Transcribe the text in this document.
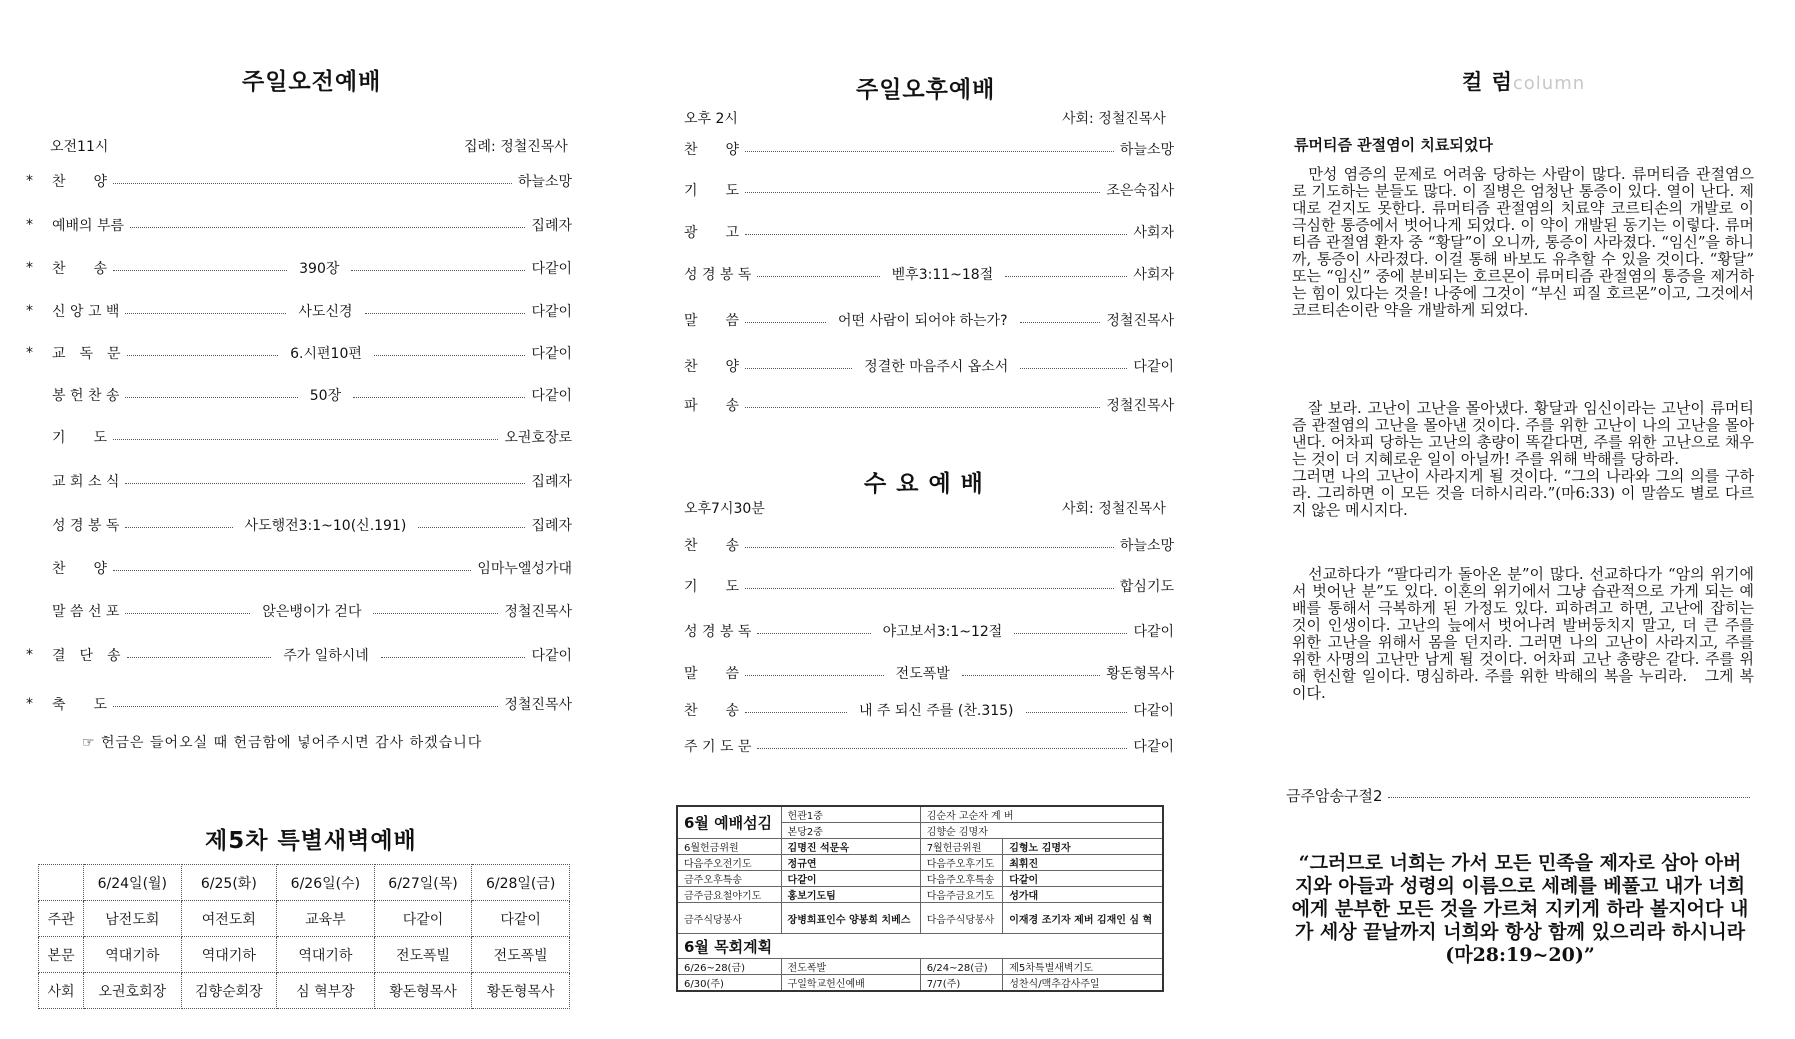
주일오전예배
오전11시	집례: 정철진목사
*	찬　　양	하늘소망
*	예배의 부름	집례자
*	찬　　송	390장	다같이
*	신 앙 고 백	사도신경	다같이
*	교　독　문	6.시편10편	다같이
봉 헌 찬 송	50장	다같이
기　　도	오권호장로
교 회 소 식	집례자
성 경 봉 독	사도행전3:1~10(신.191)	집례자
찬　　양	임마누엘성가대
말 씀 선 포	앉은뱅이가 걷다	정철진목사
*	결　단　송	주가 일하시네	다같이
*	축　　도	정철진목사
☞ 헌금은 들어오실 때 헌금함에 넣어주시면 감사 하겠습니다
제5차 특별새벽예배
	6/24일(월)	6/25(화)	6/26일(수)	6/27일(목)	6/28일(금)
주관	남전도회	여전도회	교육부	다같이	다같이
본문	역대기하	역대기하	역대기하	전도폭빌	전도폭빌
사회	오권호회장	김향순회장	심 혁부장	황돈형목사	황돈형목사
주일오후예배
오후 2시	사회: 정철진목사
찬　　양	하늘소망
기　　도	조은숙집사
광　　고	사회자
성 경 봉 독	벧후3:11~18절	사회자
말　　씀	어떤 사람이 되어야 하는가?	정철진목사
찬　　양	정결한 마음주시 옵소서	다같이
파　　송	정철진목사
수 요 예 배
오후7시30분	사회: 정철진목사
찬　　송	하늘소망
기　　도	합심기도
성 경 봉 독	야고보서3:1~12절	다같이
말　　씀	전도폭발	황돈형목사
찬　　송	내 주 되신 주를 (찬.315)	다같이
주 기 도 문	다같이
6월 예배섬김	헌관1중	김순자 고순자 계 버	
	본당2중	김향순 김명자	
6월헌금위원	김명진 석문옥	7월헌금위원	김형노 김명자
다음주오전기도	정규연	다음주오후기도	최휘진
금주오후특송	다같이	다음주오후특송	다같이
금주금요철야기도	홍보기도팀	다음주금요기도	성가대
금주식당봉사	장병희표인수 양봉희 치베스	다음주식당봉사	이재경 조기자 제버 김재인 심 혁
6월 목회계획			
6/26~28(금)	전도폭발	6/24~28(금)	제5차특별새벽기도
6/30(주)	구일학교헌신예배	7/7(주)	성찬식/맥추감사주일
컬 럼column
류머티즘 관절염이 치료되었다
　만성 염증의 문제로 어려움 당하는 사람이 많다. 류머티즘 관절염으로 기도하는 분들도 많다. 이 질병은 엄청난 통증이 있다. 열이 난다. 제대로 걷지도 못한다. 류머티즘 관절염의 치료약 코르티손의 개발로 이 극심한 통증에서 벗어나게 되었다. 이 약이 개발된 동기는 이렇다. 류머티즘 관절염 환자 중 “황달”이 오니까, 통증이 사라졌다. “임신”을 하니까, 통증이 사라졌다. 이걸 통해 바보도 유추할 수 있을 것이다. “황달” 또는 “임신” 중에 분비되는 호르몬이 류머티즘 관절염의 통증을 제거하는 힘이 있다는 것을! 나중에 그것이 “부신 피질 호르몬”이고, 그것에서 코르티손이란 약을 개발하게 되었다.
　잘 보라. 고난이 고난을 몰아냈다. 황달과 임신이라는 고난이 류머티즘 관절염의 고난을 몰아낸 것이다. 주를 위한 고난이 나의 고난을 몰아낸다. 어차피 당하는 고난의 총량이 똑같다면, 주를 위한 고난으로 채우는 것이 더 지혜로운 일이 아닐까! 주를 위해 박해를 당하라.
그러면 나의 고난이 사라지게 될 것이다. “그의 나라와 그의 의를 구하라. 그리하면 이 모든 것을 더하시리라.”(마6:33) 이 말씀도 별로 다르지 않은 메시지다.
　선교하다가 “팔다리가 돌아온 분”이 많다. 선교하다가 “암의 위기에서 벗어난 분”도 있다. 이혼의 위기에서 그냥 습관적으로 가게 되는 예배를 통해서 극복하게 된 가정도 있다. 피하려고 하면, 고난에 잡히는 것이 인생이다. 고난의 늪에서 벗어나려 발버둥치지 말고, 더 큰 주를 위한 고난을 위해서 몸을 던지라. 그러면 나의 고난이 사라지고, 주를 위한 사명의 고난만 남게 될 것이다. 어차피 고난 총량은 같다. 주를 위해 헌신할 일이다. 명심하라. 주를 위한 박해의 복을 누리라.　그게 복이다.
금주암송구절2
“그러므로 너희는 가서 모든 민족을 제자로 삼아 아버지와 아들과 성령의 이름으로 세례를 베풀고 내가 너희에게 분부한 모든 것을 가르쳐 지키게 하라 볼지어다 내가 세상 끝날까지 너희와 항상 함께 있으리라 하시니라(마28:19~20)”
